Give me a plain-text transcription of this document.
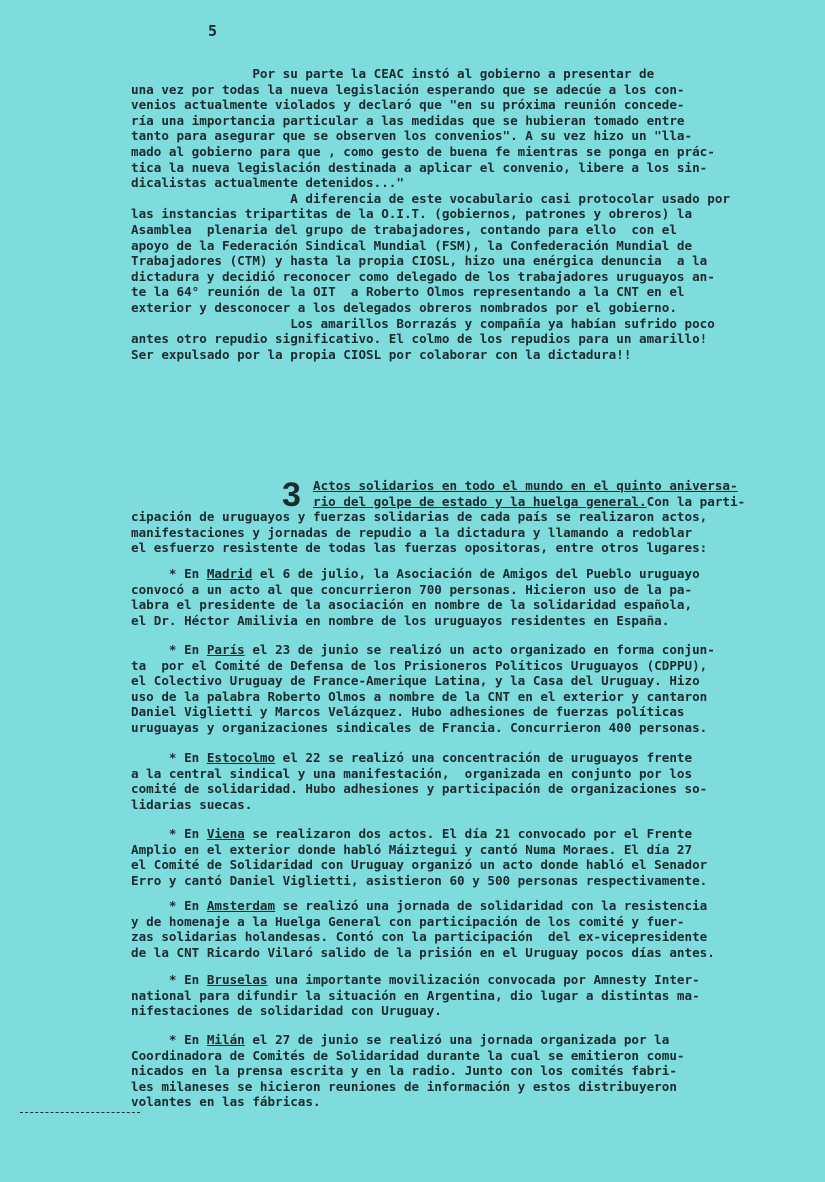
5

Por su parte la CEAC instó al gobierno a presentar de

una vez por todas la nueva legislación esperando que se adecúe a los con-

venios actualmente violados y declaró que "en su próxima reunión concede-

ría una importancia particular a las medidas que se hubieran tomado entre

tanto para asegurar que se observen los convenios". A su vez hizo un "lla-

mado al gobierno para que , como gesto de buena fe mientras se ponga en prác-

tica la nueva legislación destinada a aplicar el convenio, libere a los sin-

dicalistas actualmente detenidos..."

A diferencia de este vocabulario casi protocolar usado por

las instancias tripartitas de la O.I.T. (gobiernos, patrones y obreros) la

Asamblea  plenaria del grupo de trabajadores, contando para ello  con el

apoyo de la Federación Sindical Mundial (FSM), la Confederación Mundial de

Trabajadores (CTM) y hasta la propia CIOSL, hizo una enérgica denuncia  a la

dictadura y decidió reconocer como delegado de los trabajadores uruguayos an-

te la 64° reunión de la OIT  a Roberto Olmos representando a la CNT en el

exterior y desconocer a los delegados obreros nombrados por el gobierno.

Los amarillos Borrazás y compañía ya habían sufrido poco

antes otro repudio significativo. El colmo de los repudios para un amarillo!

Ser expulsado por la propia CIOSL por colaborar con la dictadura!!

3 Actos solidarios en todo el mundo en el quinto aniversa-

rio del golpe de estado y la huelga general.Con la parti-

cipación de uruguayos y fuerzas solidarias de cada país se realizaron actos,

manifestaciones y jornadas de repudio a la dictadura y llamando a redoblar

el esfuerzo resistente de todas las fuerzas opositoras, entre otros lugares:

* En Madrid el 6 de julio, la Asociación de Amigos del Pueblo uruguayo

convocó a un acto al que concurrieron 700 personas. Hicieron uso de la pa-

labra el presidente de la asociación en nombre de la solidaridad española,

el Dr. Héctor Amilivia en nombre de los uruguayos residentes en España.

* En París el 23 de junio se realizó un acto organizado en forma conjun-

ta  por el Comité de Defensa de los Prisioneros Políticos Uruguayos (CDPPU),

el Colectivo Uruguay de France-Amerique Latina, y la Casa del Uruguay. Hizo

uso de la palabra Roberto Olmos a nombre de la CNT en el exterior y cantaron

Daniel Viglietti y Marcos Velázquez. Hubo adhesiones de fuerzas políticas

uruguayas y organizaciones sindicales de Francia. Concurrieron 400 personas.

* En Estocolmo el 22 se realizó una concentración de uruguayos frente

a la central sindical y una manifestación,  organizada en conjunto por los

comité de solidaridad. Hubo adhesiones y participación de organizaciones so-

lidarias suecas.

* En Viena se realizaron dos actos. El día 21 convocado por el Frente

Amplio en el exterior donde habló Máiztegui y cantó Numa Moraes. El día 27

el Comité de Solidaridad con Uruguay organizó un acto donde habló el Senador

Erro y cantó Daniel Viglietti, asistieron 60 y 500 personas respectivamente.

* En Amsterdam se realizó una jornada de solidaridad con la resistencia

y de homenaje a la Huelga General con participación de los comité y fuer-

zas solidarias holandesas. Contó con la participación  del ex-vicepresidente

de la CNT Ricardo Vilaró salido de la prisión en el Uruguay pocos días antes.

* En Bruselas una importante movilización convocada por Amnesty Inter-

national para difundir la situación en Argentina, dio lugar a distintas ma-

nifestaciones de solidaridad con Uruguay.

* En Milán el 27 de junio se realizó una jornada organizada por la

Coordinadora de Comités de Solidaridad durante la cual se emitieron comu-

nicados en la prensa escrita y en la radio. Junto con los comités fabri-

les milaneses se hicieron reuniones de información y estos distribuyeron

volantes en las fábricas.
